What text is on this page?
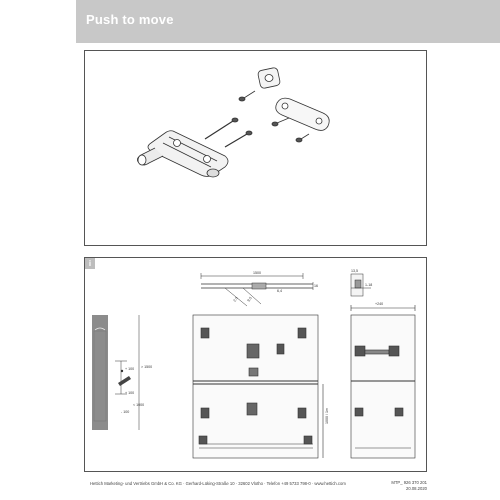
Push to move
+ 100 > 1500
+ 100
< 1000
- 100
1500
16
2,5 9,5
6,4
1000 / 1m
13,5
1-18
+240
i
Hettich Marketing- und Vertriebs GmbH & Co. KG · Gerhard-Lüking-Straße 10 · 32602 Vlotho · Telefon +49 5733 798-0 · www.hettich.com	MTP_ 926 370 201
20.08.2020
